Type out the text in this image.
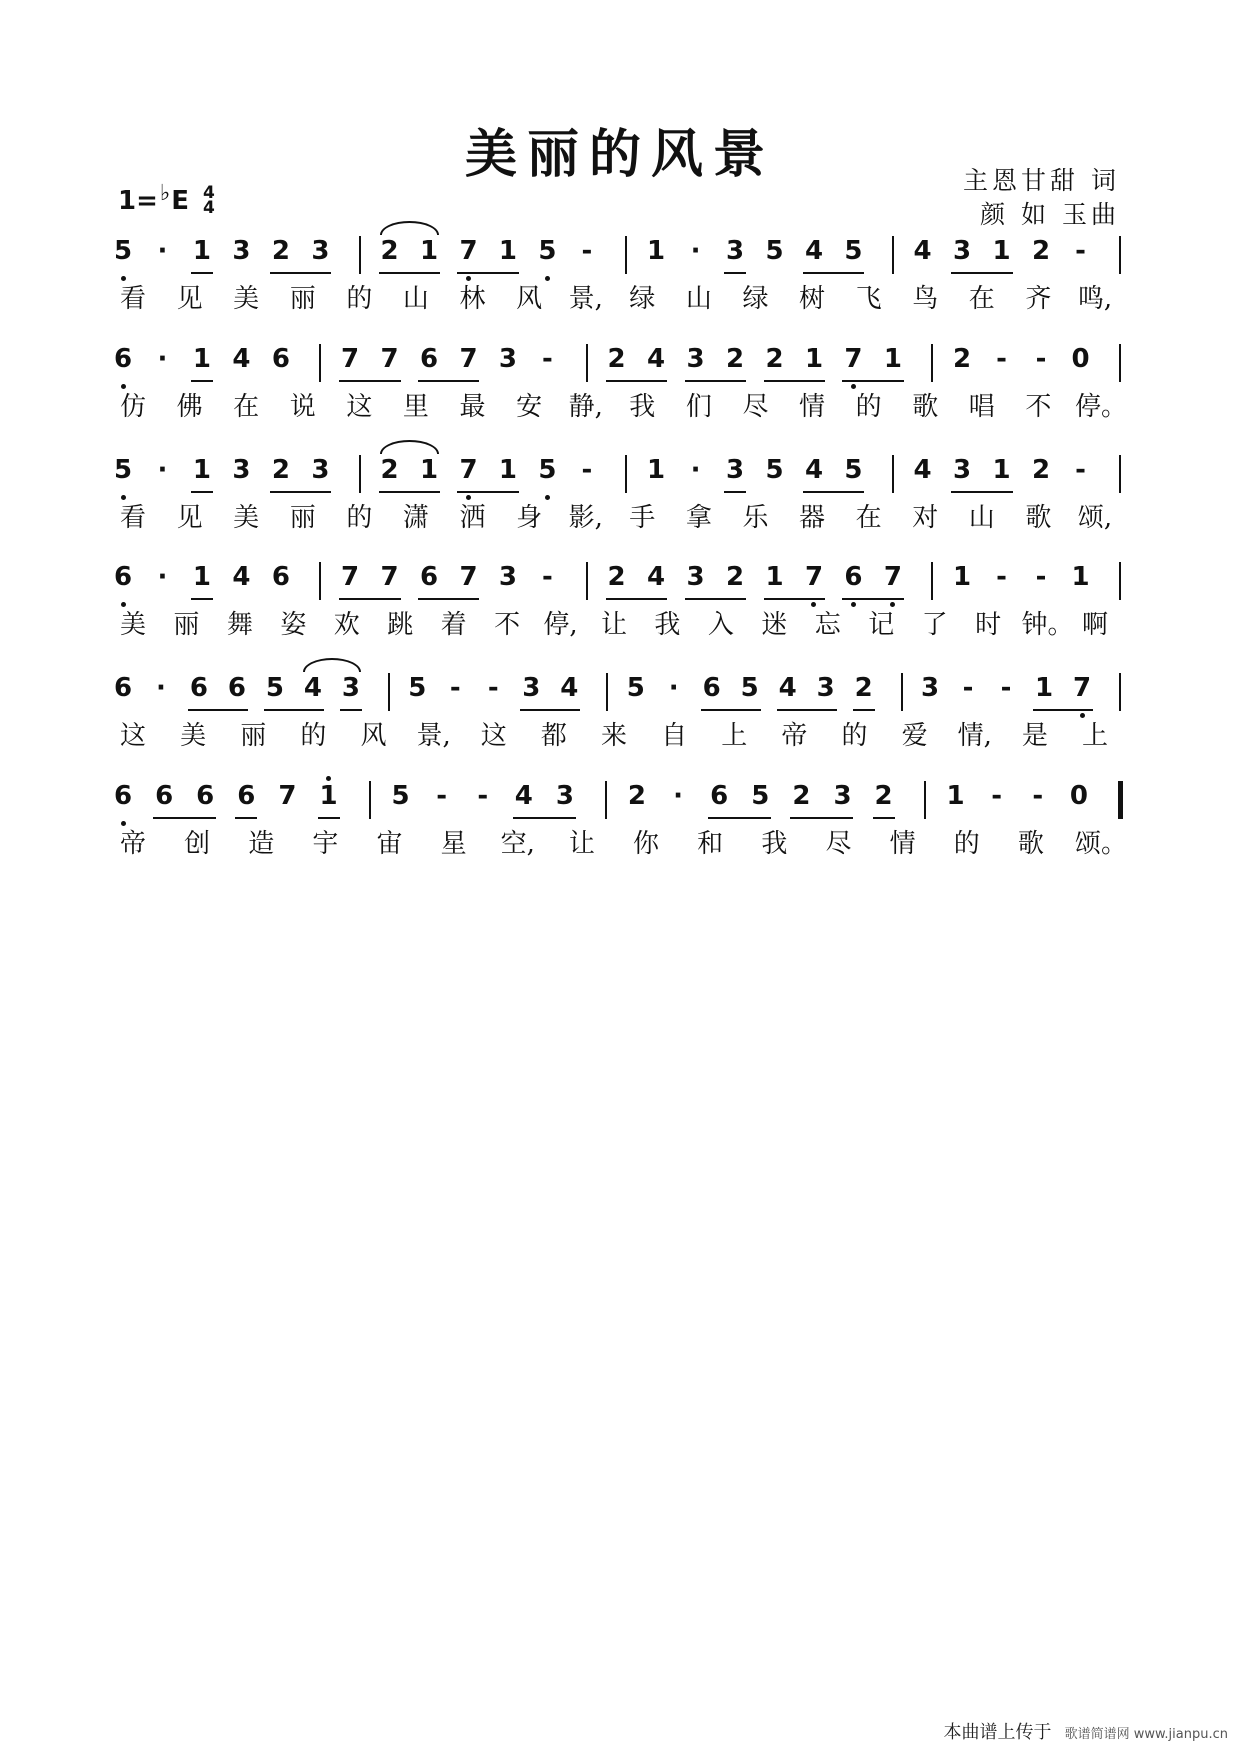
美丽的风景
1= ♭ E 4
4
主恩甘甜 词
颜 如 玉曲
5 · 1 3 2 3	2 1 7 1 5 -	1 · 3 5 4 5	4 3 1 2 -
看 见 美 丽 的 山 林 风 景, 绿 山 绿 树 飞 鸟 在 齐 鸣,
6 · 1 4 6	7 7 6 7 3 -	2 4 3 2 2 1 7 1	2 -	- 0
仿 佛 在 说 这 里 最 安 静, 我 们 尽 情 的 歌 唱 不 停。
5 · 1 3 2 3	2 1 7 1 5 -	1 · 3 5 4 5	4 3 1 2 -
看 见 美 丽 的 潇 洒 身 影, 手 拿 乐 器 在 对 山 歌 颂,
6 · 1 4 6	7 7 6 7 3 -	2 4 3 2 1 7 6 7	1 -	- 1
美 丽 舞 姿 欢 跳 着 不 停, 让 我 入 迷 忘 记 了 时 钟。 啊
6 · 6 6 5 4 3	5 -	- 3 4	5 · 6 5 4 3 2	3 -	- 1 7
这 美 丽 的 风 景, 这 都 来 自 上 帝 的 爱 情, 是 上
6 6 6 6 7 1	5	-	-	4 3	2	·	6 5 2 3 2	1	-	-	0
帝 创 造 宇 宙 星 空, 让 你 和 我 尽 情 的 歌 颂。
本曲谱上传于 歌谱简谱网 www.jianpu.cn
